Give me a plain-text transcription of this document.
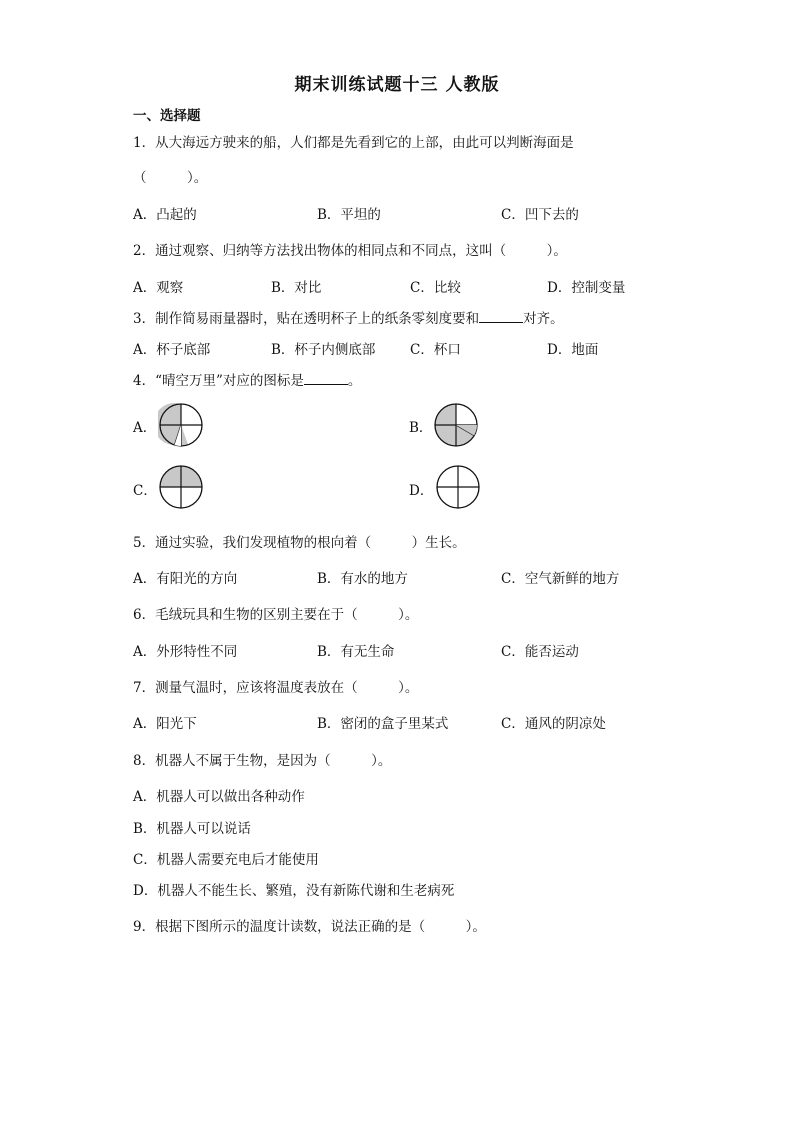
期末训练试题十三 人教版
一、选择题
1．从大海远方驶来的船，人们都是先看到它的上部，由此可以判断海面是
（　　　）。
A．凸起的	B．平坦的	C．凹下去的
2．通过观察、归纳等方法找出物体的相同点和不同点，这叫（　　　）。
A．观察	B．对比	C．比较	D．控制变量
3．制作简易雨量器时，贴在透明杯子上的纸条零刻度要和	对齐。
A．杯子底部	B．杯子内侧底部	C．杯口	D．地面
4．“晴空万里”对应的图标是	。
A．	B．
C．	D．
5．通过实验，我们发现植物的根向着（　　　）生长。
A．有阳光的方向	B．有水的地方	C．空气新鲜的地方
6．毛绒玩具和生物的区别主要在于（　　　）。
A．外形特性不同	B．有无生命	C．能否运动
7．测量气温时，应该将温度表放在（　　　）。
A．阳光下	B．密闭的盒子里某式	C．通风的阴凉处
8．机器人不属于生物，是因为（　　　）。
A．机器人可以做出各种动作
B．机器人可以说话
C．机器人需要充电后才能使用
D．机器人不能生长、繁殖，没有新陈代谢和生老病死
9．根据下图所示的温度计读数，说法正确的是（　　　）。
